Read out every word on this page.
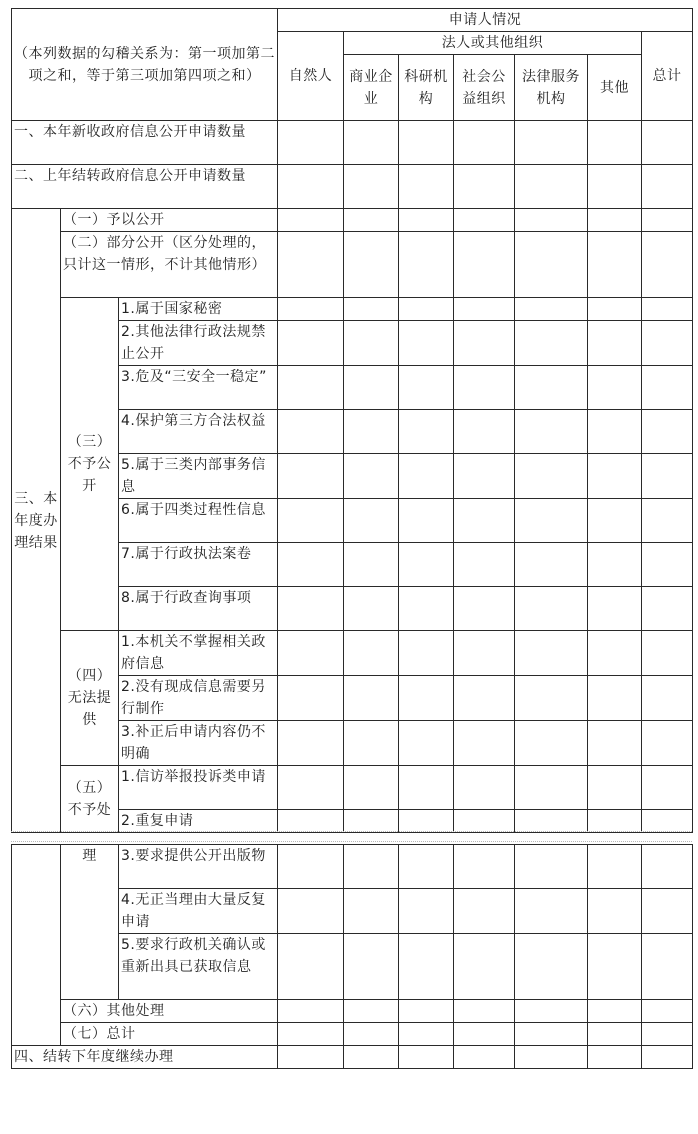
（本列数据的勾稽关系为：第一项加第二项之和，等于第三项加第四项之和）			申请人情况						
			自然人	法人或其他组织					总计
				商业企业	科研机构	社会公益组织	法律服务机构	其他	
一、本年新收政府信息公开申请数量									
二、上年结转政府信息公开申请数量									
三、本年度办理结果	（一）予以公开								
	（二）部分公开（区分处理的，只计这一情形，不计其他情形）								
	（三）不予公开	1.属于国家秘密							
		2.其他法律行政法规禁止公开							
		3.危及“三安全一稳定”							
		4.保护第三方合法权益							
		5.属于三类内部事务信息							
		6.属于四类过程性信息							
		7.属于行政执法案卷							
		8.属于行政查询事项							
	（四）无法提供	1.本机关不掌握相关政府信息							
		2.没有现成信息需要另行制作							
		3.补正后申请内容仍不明确							
	（五）不予处	1.信访举报投诉类申请							
		2.重复申请							
	理	3.要求提供公开出版物							
		4.无正当理由大量反复申请							
		5.要求行政机关确认或重新出具已获取信息							
	（六）其他处理								
	（七）总计								
四、结转下年度继续办理									
